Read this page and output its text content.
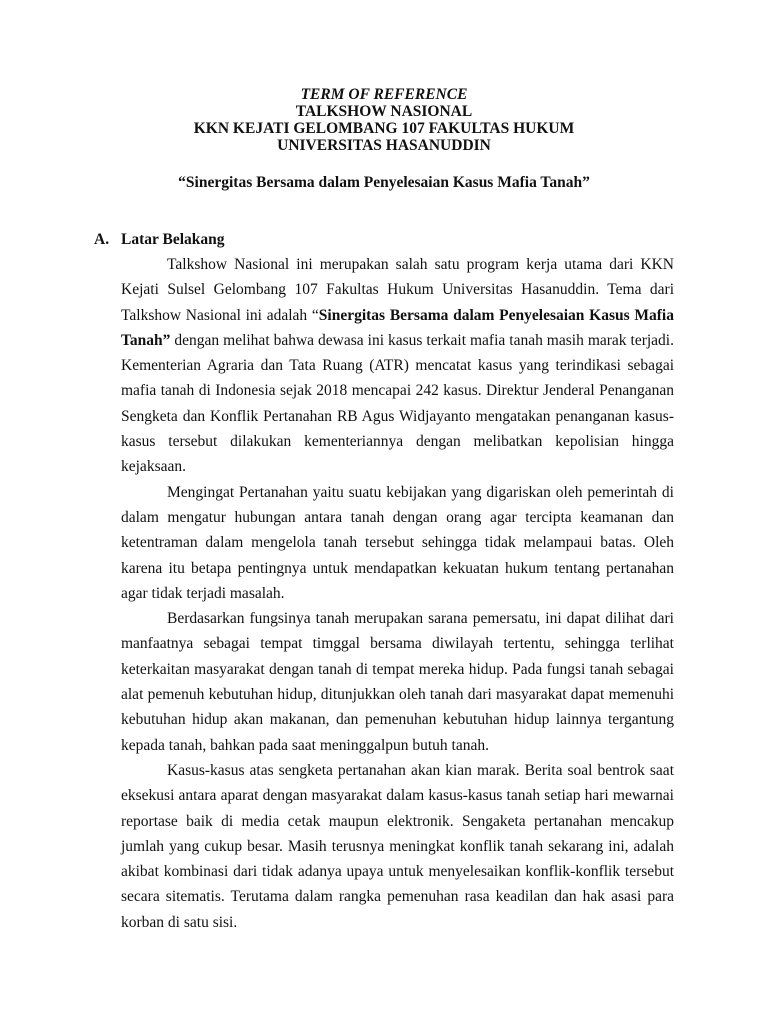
TERM OF REFERENCE
TALKSHOW NASIONAL
KKN KEJATI GELOMBANG 107 FAKULTAS HUKUM
UNIVERSITAS HASANUDDIN
“Sinergitas Bersama dalam Penyelesaian Kasus Mafia Tanah”
A. Latar Belakang

Talkshow Nasional ini merupakan salah satu program kerja utama dari KKN Kejati Sulsel Gelombang 107 Fakultas Hukum Universitas Hasanuddin. Tema dari Talkshow Nasional ini adalah “Sinergitas Bersama dalam Penyelesaian Kasus Mafia Tanah” dengan melihat bahwa dewasa ini kasus terkait mafia tanah masih marak terjadi. Kementerian Agraria dan Tata Ruang (ATR) mencatat kasus yang terindikasi sebagai mafia tanah di Indonesia sejak 2018 mencapai 242 kasus. Direktur Jenderal Penanganan Sengketa dan Konflik Pertanahan RB Agus Widjayanto mengatakan penanganan kasus-kasus tersebut dilakukan kementeriannya dengan melibatkan kepolisian hingga kejaksaan.

Mengingat Pertanahan yaitu suatu kebijakan yang digariskan oleh pemerintah di dalam mengatur hubungan antara tanah dengan orang agar tercipta keamanan dan ketentraman dalam mengelola tanah tersebut sehingga tidak melampaui batas. Oleh karena itu betapa pentingnya untuk mendapatkan kekuatan hukum tentang pertanahan agar tidak terjadi masalah.

Berdasarkan fungsinya tanah merupakan sarana pemersatu, ini dapat dilihat dari manfaatnya sebagai tempat timggal bersama diwilayah tertentu, sehingga terlihat keterkaitan masyarakat dengan tanah di tempat mereka hidup. Pada fungsi tanah sebagai alat pemenuh kebutuhan hidup, ditunjukkan oleh tanah dari masyarakat dapat memenuhi kebutuhan hidup akan makanan, dan pemenuhan kebutuhan hidup lainnya tergantung kepada tanah, bahkan pada saat meninggalpun butuh tanah.

Kasus-kasus atas sengketa pertanahan akan kian marak. Berita soal bentrok saat eksekusi antara aparat dengan masyarakat dalam kasus-kasus tanah setiap hari mewarnai reportase baik di media cetak maupun elektronik. Sengaketa pertanahan mencakup jumlah yang cukup besar. Masih terusnya meningkat konflik tanah sekarang ini, adalah akibat kombinasi dari tidak adanya upaya untuk menyelesaikan konflik-konflik tersebut secara sitematis. Terutama dalam rangka pemenuhan rasa keadilan dan hak asasi para korban di satu sisi.
